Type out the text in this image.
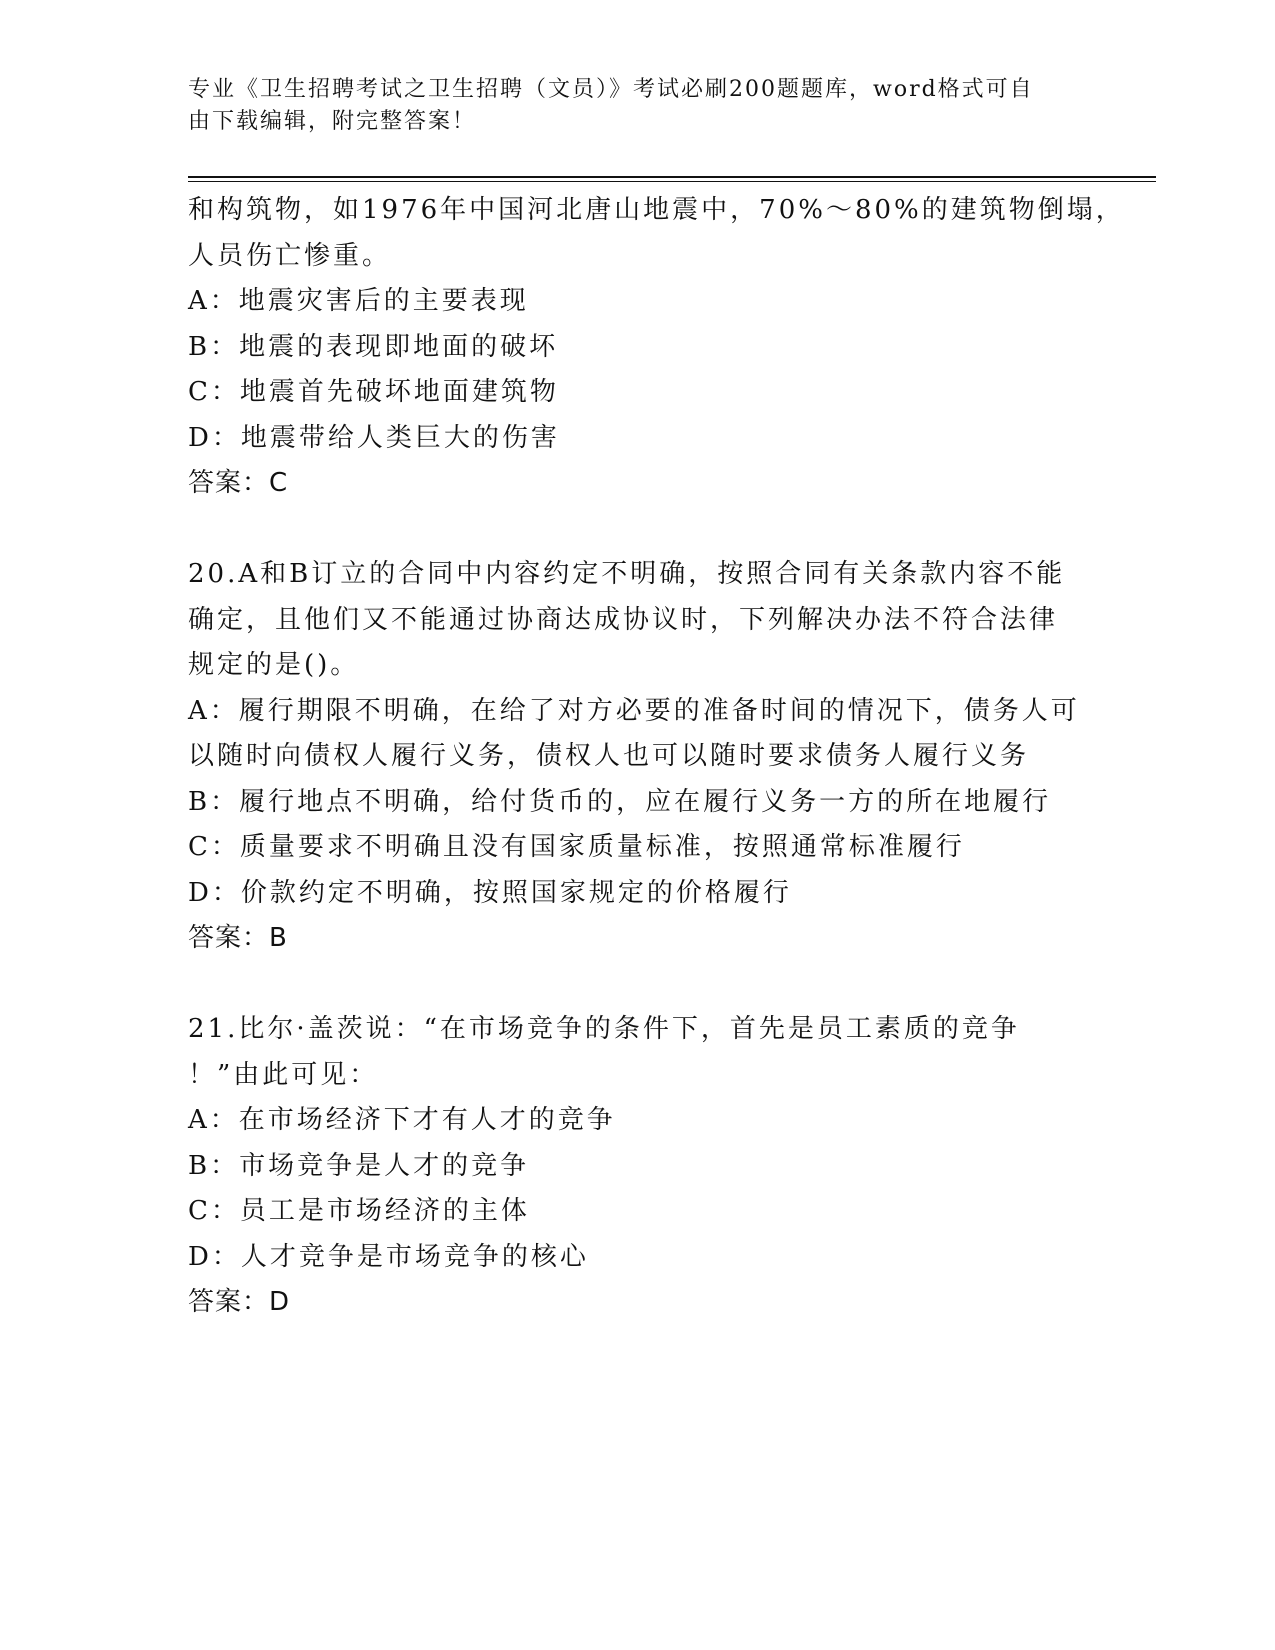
专业《卫生招聘考试之卫生招聘（文员）》考试必刷200题题库，word格式可自
由下载编辑，附完整答案！
和构筑物，如1976年中国河北唐山地震中，70%～80%的建筑物倒塌，
人员伤亡惨重。
A：地震灾害后的主要表现
B：地震的表现即地面的破坏
C：地震首先破坏地面建筑物
D：地震带给人类巨大的伤害
答案：C
20.A和B订立的合同中内容约定不明确，按照合同有关条款内容不能
确定，且他们又不能通过协商达成协议时，下列解决办法不符合法律
规定的是()。
A：履行期限不明确，在给了对方必要的准备时间的情况下，债务人可
以随时向债权人履行义务，债权人也可以随时要求债务人履行义务
B：履行地点不明确，给付货币的，应在履行义务一方的所在地履行
C：质量要求不明确且没有国家质量标准，按照通常标准履行
D：价款约定不明确，按照国家规定的价格履行
答案：B
21.比尔·盖茨说：“在市场竞争的条件下，首先是员工素质的竞争
！”由此可见：
A：在市场经济下才有人才的竞争
B：市场竞争是人才的竞争
C：员工是市场经济的主体
D：人才竞争是市场竞争的核心
答案：D
